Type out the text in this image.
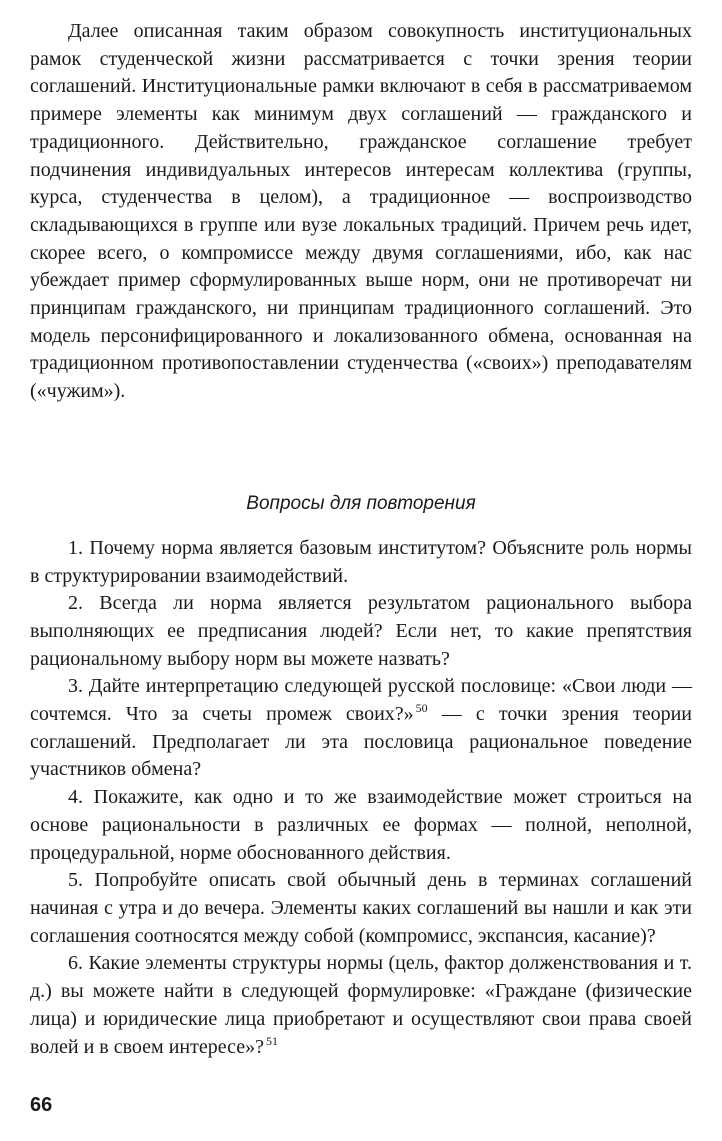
Далее описанная таким образом совокупность институциональных рамок студенческой жизни рассматривается с точки зрения теории соглашений. Институциональные рамки включают в себя в рассматриваемом примере элементы как минимум двух соглашений — гражданского и традиционного. Действительно, гражданское соглашение требует подчинения индивидуальных интересов интересам коллектива (группы, курса, студенчества в целом), а традиционное — воспроизводство складывающихся в группе или вузе локальных традиций. Причем речь идет, скорее всего, о компромиссе между двумя соглашениями, ибо, как нас убеждает пример сформулированных выше норм, они не противоречат ни принципам гражданского, ни принципам традиционного соглашений. Это модель персонифицированного и локализованного обмена, основанная на традиционном противопоставлении студенчества («своих») преподавателям («чужим»).

Вопросы для повторения

1. Почему норма является базовым институтом? Объясните роль нормы в структурировании взаимодействий.

2. Всегда ли норма является результатом рационального выбора выполняющих ее предписания людей? Если нет, то какие препятствия рациональному выбору норм вы можете назвать?

3. Дайте интерпретацию следующей русской пословице: «Свои люди — сочтемся. Что за счеты промеж своих?» $^{50}$ — с точки зрения теории соглашений. Предполагает ли эта пословица рациональное поведение участников обмена?

4. Покажите, как одно и то же взаимодействие может строиться на основе рациональности в различных ее формах — полной, неполной, процедуральной, норме обоснованного действия.

5. Попробуйте описать свой обычный день в терминах соглашений начиная с утра и до вечера. Элементы каких соглашений вы нашли и как эти соглашения соотносятся между собой (компромисс, экспансия, касание)?

6. Какие элементы структуры нормы (цель, фактор долженствования и т. д.) вы можете найти в следующей формулировке: «Граждане (физические лица) и юридические лица приобретают и осуществляют свои права своей волей и в своем интересе»? $^{51}$

66
